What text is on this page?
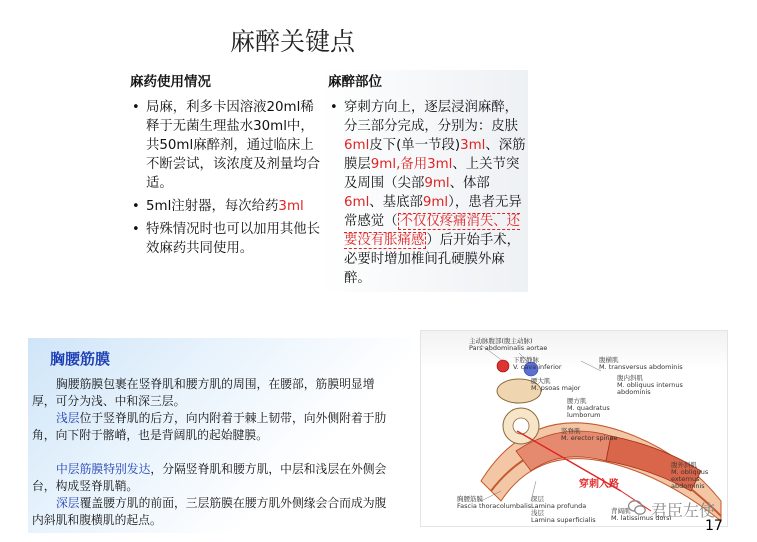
麻醉关键点
麻药使用情况
• 局麻，利多卡因溶液20ml稀释于无菌生理盐水30ml中，共50ml麻醉剂，通过临床上不断尝试，该浓度及剂量均合适。
• 5ml注射器，每次给药3ml
• 特殊情况时也可以加用其他长效麻药共同使用。
麻醉部位
• 穿刺方向上，逐层浸润麻醉，分三部分完成，分别为：皮肤6ml皮下(单一节段)3ml、深筋膜层9ml,备用3ml、上关节突及周围（尖部9ml、体部6ml、基底部9ml），患者无异常感觉（ 不仅仅疼痛消失、还要没有胀痛感 ）后开始手术，必要时增加椎间孔硬膜外麻醉。
胸腰筋膜
胸腰筋膜包裹在竖脊肌和腰方肌的周围，在腰部，筋膜明显增厚，可分为浅、中和深三层。
浅层位于竖脊肌的后方，向内附着于棘上韧带，向外侧附着于肋角，向下附于髂嵴，也是背阔肌的起始腱膜。
中层筋膜特别发达，分隔竖脊肌和腰方肌，中层和浅层在外侧会台，构成竖脊肌鞘。
深层覆盖腰方肌的前面，三层筋膜在腰方肌外侧缘会合而成为腹内斜肌和腹横肌的起点。
主动脉腹部(腹主动脉)
Pars abdominalis aortae
下腔静脉
V. cava inferior
腰大肌
M. psoas major
腹横肌
M. transversus abdominis
腹内斜肌
M. obliquus internus
abdominis
腰方肌
M. quadratus
lumborum
竖脊肌
M. erector spinae
腹外斜肌
M. obliquus
externus
abdominis
背阔肌
M. latissimus dorsi
胸腰筋膜
Fascia thoracolumbalis
深层
Lamina profunda
浅层
Lamina superficialis
穿刺入路
君臣左使
17
